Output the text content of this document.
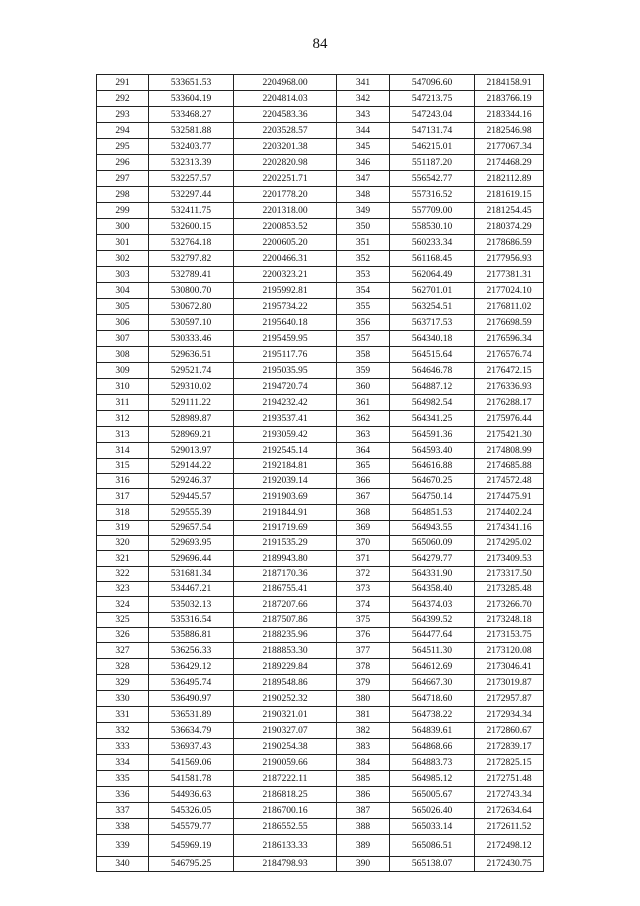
84
291	533651.53	2204968.00	341	547096.60	2184158.91
292	533604.19	2204814.03	342	547213.75	2183766.19
293	533468.27	2204583.36	343	547243.04	2183344.16
294	532581.88	2203528.57	344	547131.74	2182546.98
295	532403.77	2203201.38	345	546215.01	2177067.34
296	532313.39	2202820.98	346	551187.20	2174468.29
297	532257.57	2202251.71	347	556542.77	2182112.89
298	532297.44	2201778.20	348	557316.52	2181619.15
299	532411.75	2201318.00	349	557709.00	2181254.45
300	532600.15	2200853.52	350	558530.10	2180374.29
301	532764.18	2200605.20	351	560233.34	2178686.59
302	532797.82	2200466.31	352	561168.45	2177956.93
303	532789.41	2200323.21	353	562064.49	2177381.31
304	530800.70	2195992.81	354	562701.01	2177024.10
305	530672.80	2195734.22	355	563254.51	2176811.02
306	530597.10	2195640.18	356	563717.53	2176698.59
307	530333.46	2195459.95	357	564340.18	2176596.34
308	529636.51	2195117.76	358	564515.64	2176576.74
309	529521.74	2195035.95	359	564646.78	2176472.15
310	529310.02	2194720.74	360	564887.12	2176336.93
311	529111.22	2194232.42	361	564982.54	2176288.17
312	528989.87	2193537.41	362	564341.25	2175976.44
313	528969.21	2193059.42	363	564591.36	2175421.30
314	529013.97	2192545.14	364	564593.40	2174808.99
315	529144.22	2192184.81	365	564616.88	2174685.88
316	529246.37	2192039.14	366	564670.25	2174572.48
317	529445.57	2191903.69	367	564750.14	2174475.91
318	529555.39	2191844.91	368	564851.53	2174402.24
319	529657.54	2191719.69	369	564943.55	2174341.16
320	529693.95	2191535.29	370	565060.09	2174295.02
321	529696.44	2189943.80	371	564279.77	2173409.53
322	531681.34	2187170.36	372	564331.90	2173317.50
323	534467.21	2186755.41	373	564358.40	2173285.48
324	535032.13	2187207.66	374	564374.03	2173266.70
325	535316.54	2187507.86	375	564399.52	2173248.18
326	535886.81	2188235.96	376	564477.64	2173153.75
327	536256.33	2188853.30	377	564511.30	2173120.08
328	536429.12	2189229.84	378	564612.69	2173046.41
329	536495.74	2189548.86	379	564667.30	2173019.87
330	536490.97	2190252.32	380	564718.60	2172957.87
331	536531.89	2190321.01	381	564738.22	2172934.34
332	536634.79	2190327.07	382	564839.61	2172860.67
333	536937.43	2190254.38	383	564868.66	2172839.17
334	541569.06	2190059.66	384	564883.73	2172825.15
335	541581.78	2187222.11	385	564985.12	2172751.48
336	544936.63	2186818.25	386	565005.67	2172743.34
337	545326.05	2186700.16	387	565026.40	2172634.64
338	545579.77	2186552.55	388	565033.14	2172611.52
339	545969.19	2186133.33	389	565086.51	2172498.12
340	546795.25	2184798.93	390	565138.07	2172430.75
